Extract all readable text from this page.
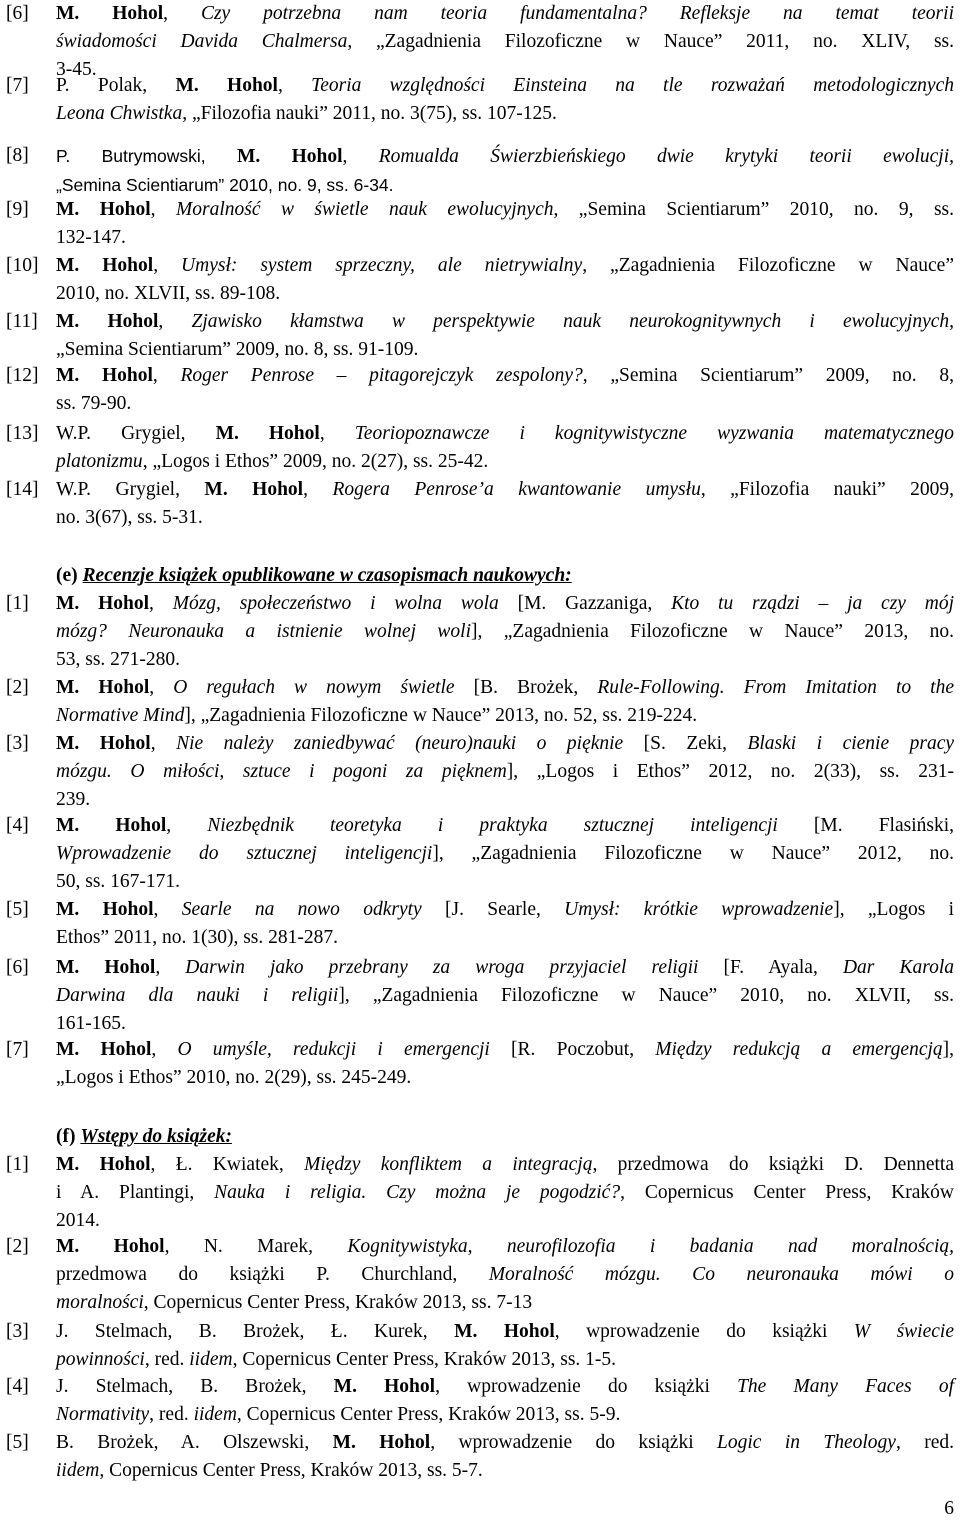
[6] M. Hohol, Czy potrzebna nam teoria fundamentalna? Refleksje na temat teorii
świadomości Davida Chalmersa, „Zagadnienia Filozoficzne w Nauce” 2011, no. XLIV, ss.
3-45.
[7] P. Polak, M. Hohol, Teoria względności Einsteina na tle rozważań metodologicznych
Leona Chwistka, „Filozofia nauki” 2011, no. 3(75), ss. 107-125.
[8] P. Butrymowski, M. Hohol, Romualda Świerzbieńskiego dwie krytyki teorii ewolucji,
„Semina Scientiarum” 2010, no. 9, ss. 6-34.
[9] M. Hohol, Moralność w świetle nauk ewolucyjnych, „Semina Scientiarum” 2010, no. 9, ss.
132-147.
[10] M. Hohol, Umysł: system sprzeczny, ale nietrywialny, „Zagadnienia Filozoficzne w Nauce”
2010, no. XLVII, ss. 89-108.
[11] M. Hohol, Zjawisko kłamstwa w perspektywie nauk neurokognitywnych i ewolucyjnych,
„Semina Scientiarum” 2009, no. 8, ss. 91-109.
[12] M. Hohol, Roger Penrose – pitagorejczyk zespolony?, „Semina Scientiarum” 2009, no. 8,
ss. 79-90.
[13] W.P. Grygiel, M. Hohol, Teoriopoznawcze i kognitywistyczne wyzwania matematycznego
platonizmu, „Logos i Ethos” 2009, no. 2(27), ss. 25-42.
[14] W.P. Grygiel, M. Hohol, Rogera Penrose’a kwantowanie umysłu, „Filozofia nauki” 2009,
no. 3(67), ss. 5-31.
(e) Recenzje książek opublikowane w czasopismach naukowych:
[1] M. Hohol, Mózg, społeczeństwo i wolna wola [M. Gazzaniga, Kto tu rządzi – ja czy mój
mózg? Neuronauka a istnienie wolnej woli], „Zagadnienia Filozoficzne w Nauce” 2013, no.
53, ss. 271-280.
[2] M. Hohol, O regułach w nowym świetle [B. Brożek, Rule-Following. From Imitation to the
Normative Mind], „Zagadnienia Filozoficzne w Nauce” 2013, no. 52, ss. 219-224.
[3] M. Hohol, Nie należy zaniedbywać (neuro)nauki o pięknie [S. Zeki, Blaski i cienie pracy
mózgu. O miłości, sztuce i pogoni za pięknem], „Logos i Ethos” 2012, no. 2(33), ss. 231-
239.
[4] M. Hohol, Niezbędnik teoretyka i praktyka sztucznej inteligencji [M. Flasiński,
Wprowadzenie do sztucznej inteligencji], „Zagadnienia Filozoficzne w Nauce” 2012, no.
50, ss. 167-171.
[5] M. Hohol, Searle na nowo odkryty [J. Searle, Umysł: krótkie wprowadzenie], „Logos i
Ethos” 2011, no. 1(30), ss. 281-287.
[6] M. Hohol, Darwin jako przebrany za wroga przyjaciel religii [F. Ayala, Dar Karola
Darwina dla nauki i religii], „Zagadnienia Filozoficzne w Nauce” 2010, no. XLVII, ss.
161-165.
[7] M. Hohol, O umyśle, redukcji i emergencji [R. Poczobut, Między redukcją a emergencją],
„Logos i Ethos” 2010, no. 2(29), ss. 245-249.
(f) Wstępy do książek:
[1] M. Hohol, Ł. Kwiatek, Między konfliktem a integracją, przedmowa do książki D. Dennetta
i A. Plantingi, Nauka i religia. Czy można je pogodzić?, Copernicus Center Press, Kraków
2014.
[2] M. Hohol, N. Marek, Kognitywistyka, neurofilozofia i badania nad moralnością,
przedmowa do książki P. Churchland, Moralność mózgu. Co neuronauka mówi o
moralności, Copernicus Center Press, Kraków 2013, ss. 7-13
[3] J. Stelmach, B. Brożek, Ł. Kurek, M. Hohol, wprowadzenie do książki W świecie
powinności, red. iidem, Copernicus Center Press, Kraków 2013, ss. 1-5.
[4] J. Stelmach, B. Brożek, M. Hohol, wprowadzenie do książki The Many Faces of
Normativity, red. iidem, Copernicus Center Press, Kraków 2013, ss. 5-9.
[5] B. Brożek, A. Olszewski, M. Hohol, wprowadzenie do książki Logic in Theology, red.
iidem, Copernicus Center Press, Kraków 2013, ss. 5-7.
6
